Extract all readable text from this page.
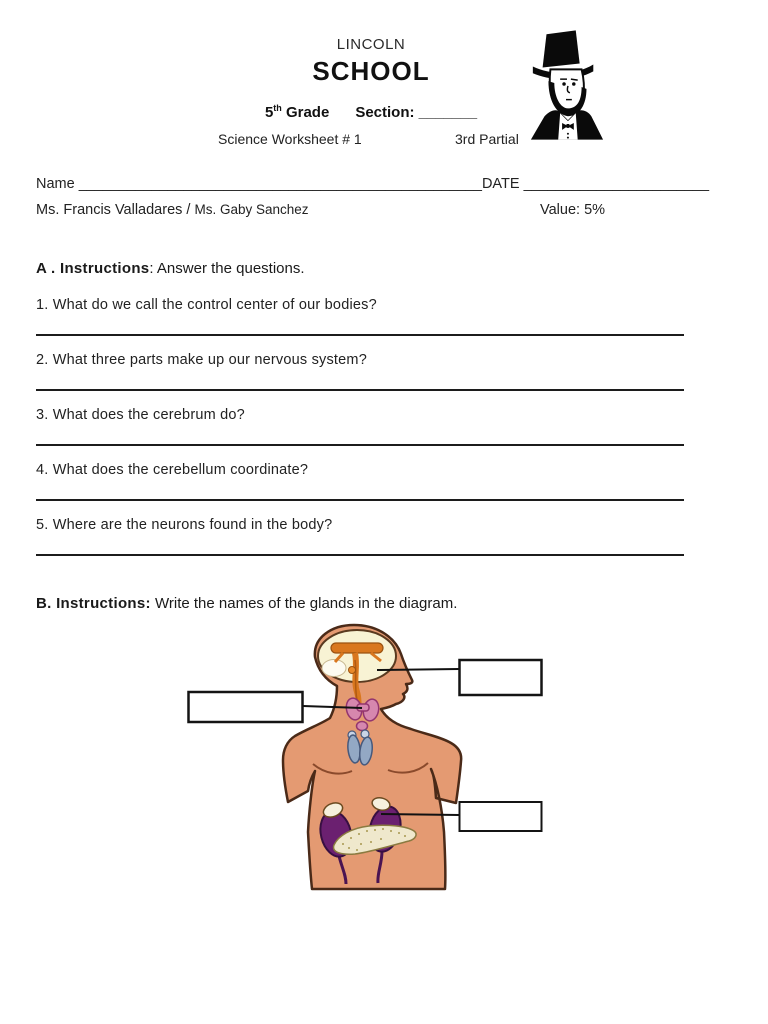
LINCOLN
SCHOOL
5th Grade Section: _______
Science Worksheet # 1	3rd Partial
Name __________________________________________________DATE _______________________
Ms. Francis Valladares / Ms. Gaby Sanchez	Value: 5%
A . Instructions: Answer the questions.
1. What do we call the control center of our bodies?
2. What three parts make up our nervous system?
3. What does the cerebrum do?
4. What does the cerebellum coordinate?
5. Where are the neurons found in the body?
B. Instructions: Write the names of the glands in the diagram.
